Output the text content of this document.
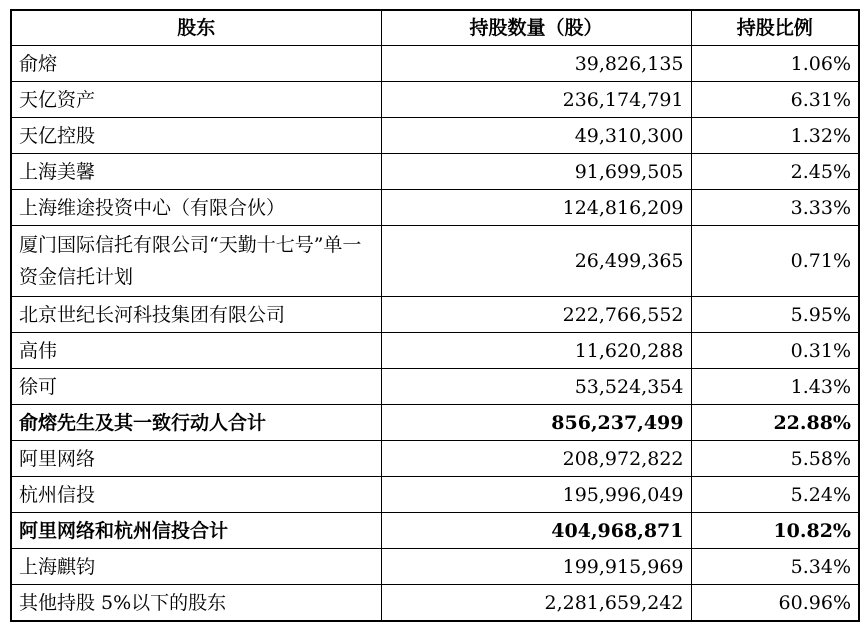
股东	持股数量（股）	持股比例
俞熔	39,826,135	1.06%
天亿资产	236,174,791	6.31%
天亿控股	49,310,300	1.32%
上海美馨	91,699,505	2.45%
上海维途投资中心（有限合伙）	124,816,209	3.33%
厦门国际信托有限公司“天勤十七号”单一资金信托计划	26,499,365	0.71%
北京世纪长河科技集团有限公司	222,766,552	5.95%
高伟	11,620,288	0.31%
徐可	53,524,354	1.43%
俞熔先生及其一致行动人合计	856,237,499	22.88%
阿里网络	208,972,822	5.58%
杭州信投	195,996,049	5.24%
阿里网络和杭州信投合计	404,968,871	10.82%
上海麒钧	199,915,969	5.34%
其他持股 5%以下的股东	2,281,659,242	60.96%
